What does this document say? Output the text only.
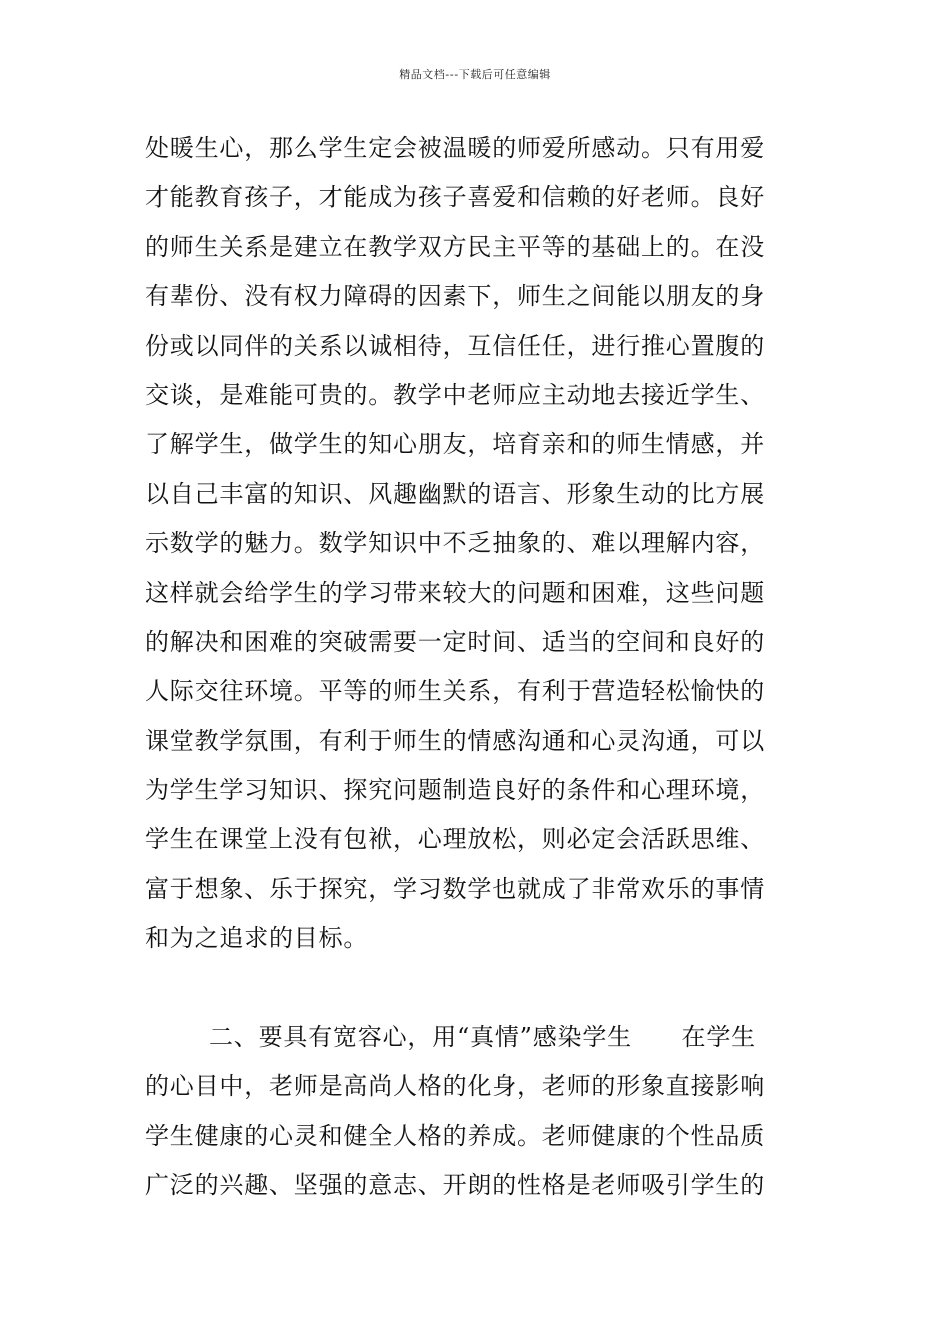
精品文档---下载后可任意编辑
处暖生心，那么学生定会被温暖的师爱所感动。只有用爱
才能教育孩子，才能成为孩子喜爱和信赖的好老师。良好
的师生关系是建立在教学双方民主平等的基础上的。在没
有辈份、没有权力障碍的因素下，师生之间能以朋友的身
份或以同伴的关系以诚相待，互信任任，进行推心置腹的
交谈，是难能可贵的。教学中老师应主动地去接近学生、
了解学生，做学生的知心朋友，培育亲和的师生情感，并
以自己丰富的知识、风趣幽默的语言、形象生动的比方展
示数学的魅力。数学知识中不乏抽象的、难以理解内容，
这样就会给学生的学习带来较大的问题和困难，这些问题
的解决和困难的突破需要一定时间、适当的空间和良好的
人际交往环境。平等的师生关系，有利于营造轻松愉快的
课堂教学氛围，有利于师生的情感沟通和心灵沟通，可以
为学生学习知识、探究问题制造良好的条件和心理环境，
学生在课堂上没有包袱，心理放松，则必定会活跃思维、
富于想象、乐于探究，学习数学也就成了非常欢乐的事情
和为之追求的目标。
二、要具有宽容心，用“真情”感染学生　　在学生
的心目中，老师是高尚人格的化身，老师的形象直接影响
学生健康的心灵和健全人格的养成。老师健康的个性品质
广泛的兴趣、坚强的意志、开朗的性格是老师吸引学生的
